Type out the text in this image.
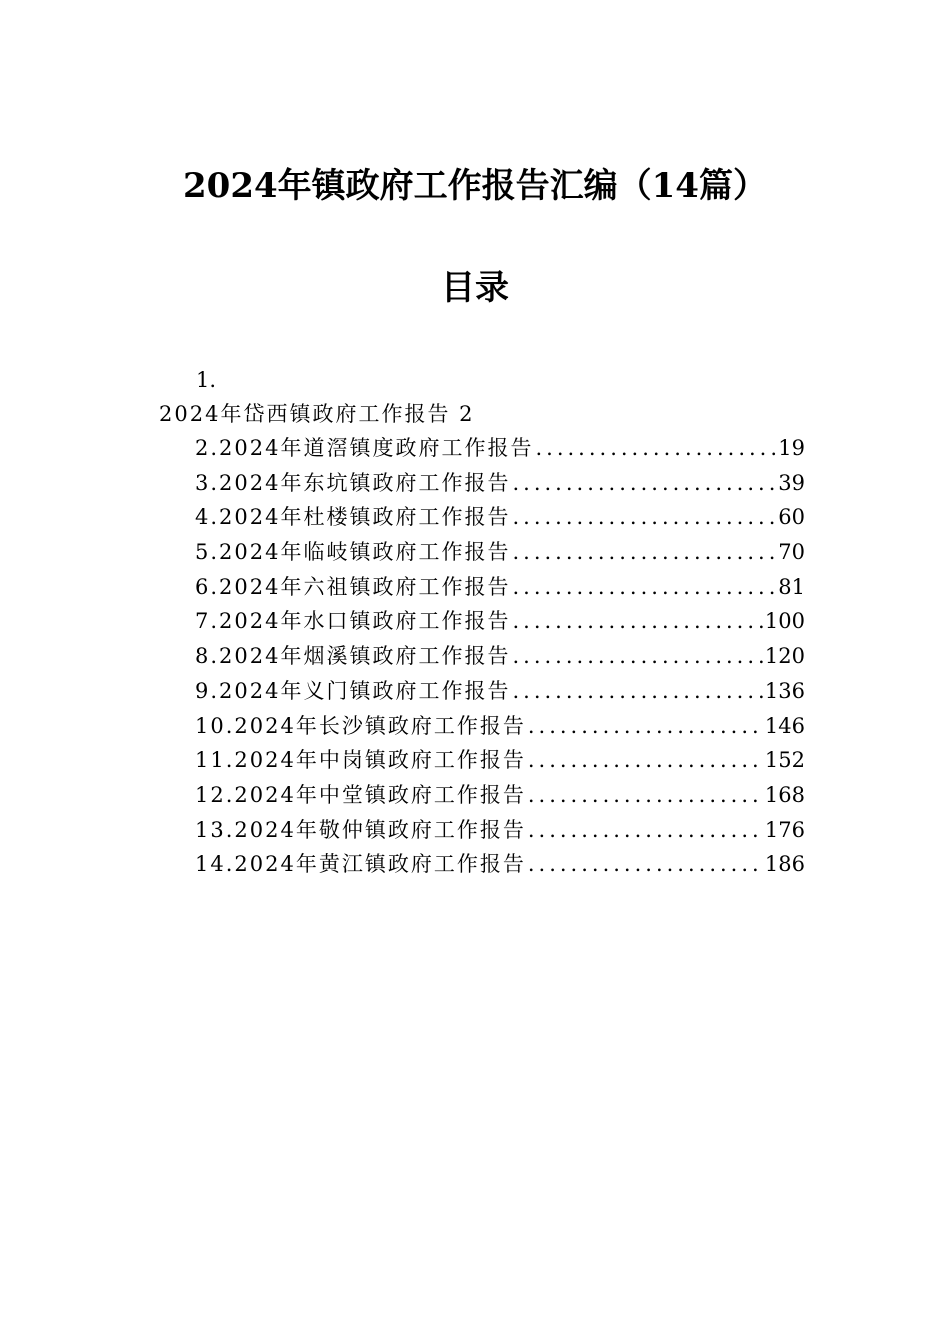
2024年镇政府工作报告汇编（14篇）
目录
1.
2024年岱西镇政府工作报告 2
2.2024年道滘镇度政府工作报告 .....	19
3.2024年东坑镇政府工作报告 .....	39
4.2024年杜楼镇政府工作报告 .....	60
5.2024年临岐镇政府工作报告 .....	70
6.2024年六祖镇政府工作报告 .....	81
7.2024年水口镇政府工作报告 .....	100
8.2024年烟溪镇政府工作报告 .....	120
9.2024年义门镇政府工作报告 .....	136
10.2024年长沙镇政府工作报告 .....	146
11.2024年中岗镇政府工作报告 .....	152
12.2024年中堂镇政府工作报告 .....	168
13.2024年敬仲镇政府工作报告 .....	176
14.2024年黄江镇政府工作报告 .....	186
